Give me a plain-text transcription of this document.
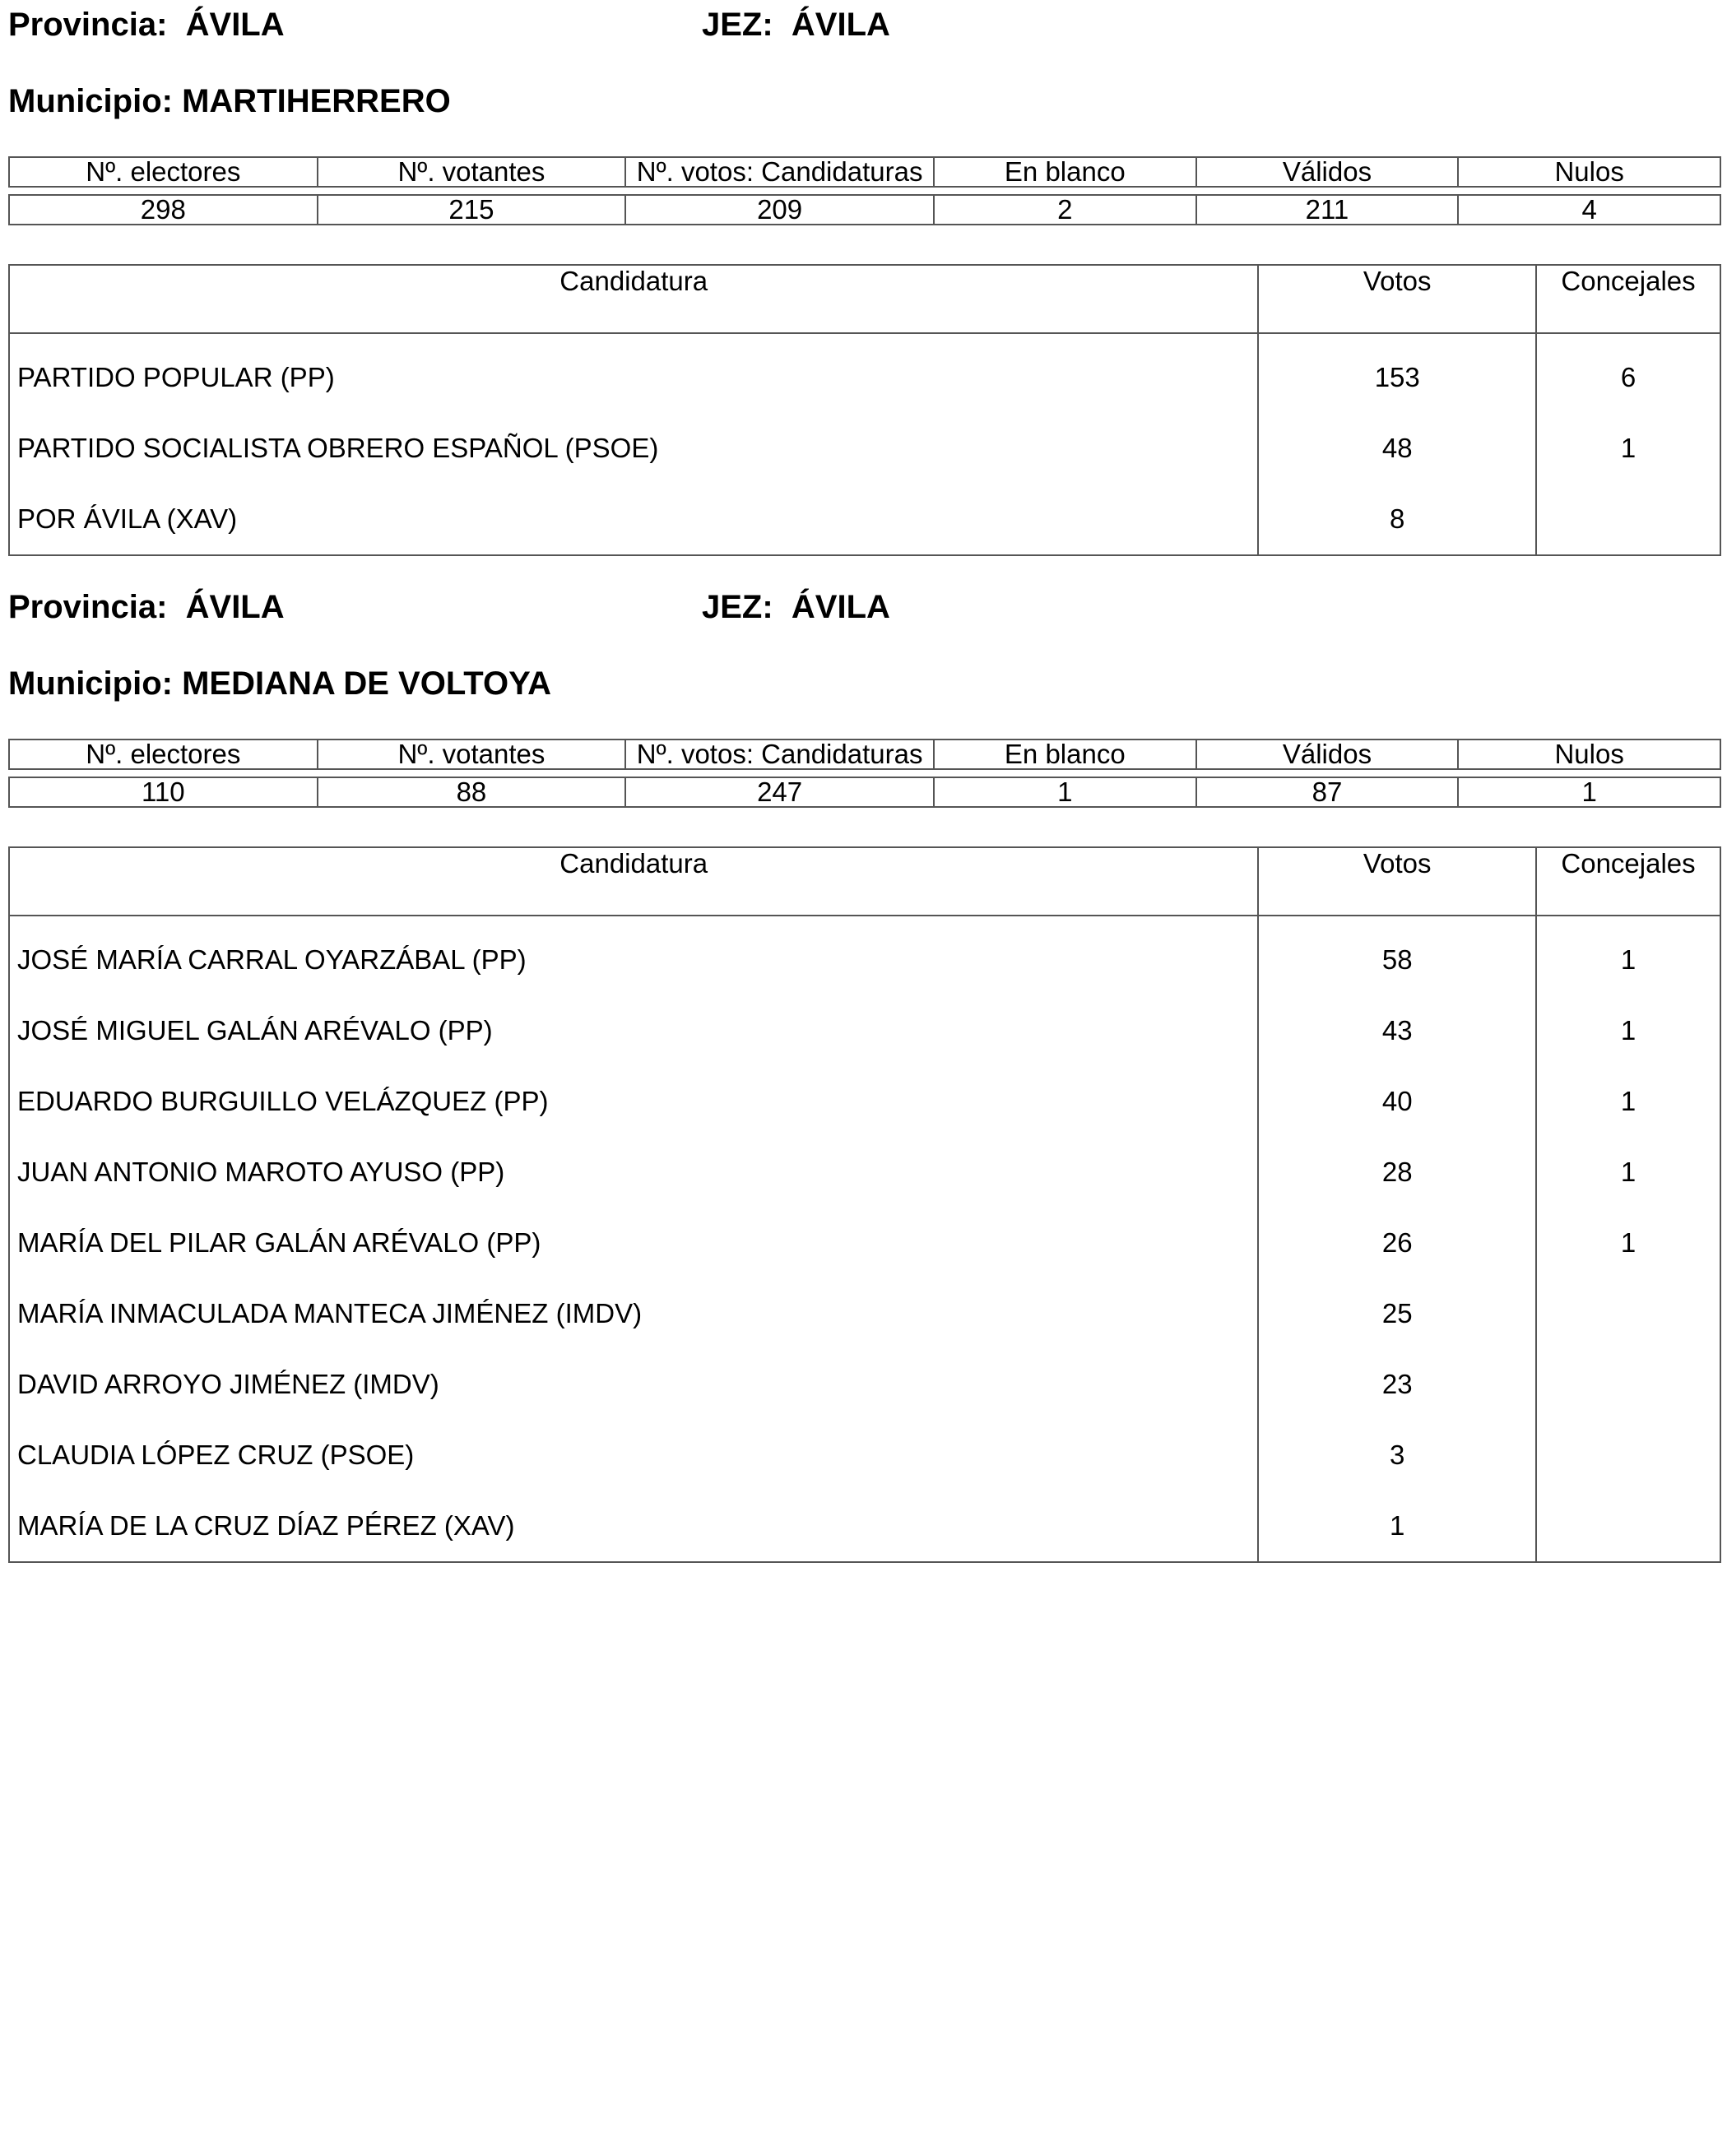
Provincia:  ÁVILA	JEZ:  ÁVILA
Municipio: MARTIHERRERO
Nº. electores	Nº. votantes	Nº. votos: Candidaturas	En blanco	Válidos	Nulos

298	215	209	2	211	4
Candidatura	Votos	Concejales
PARTIDO POPULAR (PP)	153	6
PARTIDO SOCIALISTA OBRERO ESPAÑOL (PSOE)	48	1
POR ÁVILA (XAV)	8	
Provincia:  ÁVILA	JEZ:  ÁVILA
Municipio: MEDIANA DE VOLTOYA
Nº. electores	Nº. votantes	Nº. votos: Candidaturas	En blanco	Válidos	Nulos

110	88	247	1	87	1
Candidatura	Votos	Concejales
JOSÉ MARÍA CARRAL OYARZÁBAL (PP)	58	1
JOSÉ MIGUEL GALÁN ARÉVALO (PP)	43	1
EDUARDO BURGUILLO VELÁZQUEZ (PP)	40	1
JUAN ANTONIO MAROTO AYUSO (PP)	28	1
MARÍA DEL PILAR GALÁN ARÉVALO (PP)	26	1
MARÍA INMACULADA MANTECA JIMÉNEZ (IMDV)	25	
DAVID ARROYO JIMÉNEZ (IMDV)	23	
CLAUDIA LÓPEZ CRUZ (PSOE)	3	
MARÍA DE LA CRUZ DÍAZ PÉREZ (XAV)	1	
